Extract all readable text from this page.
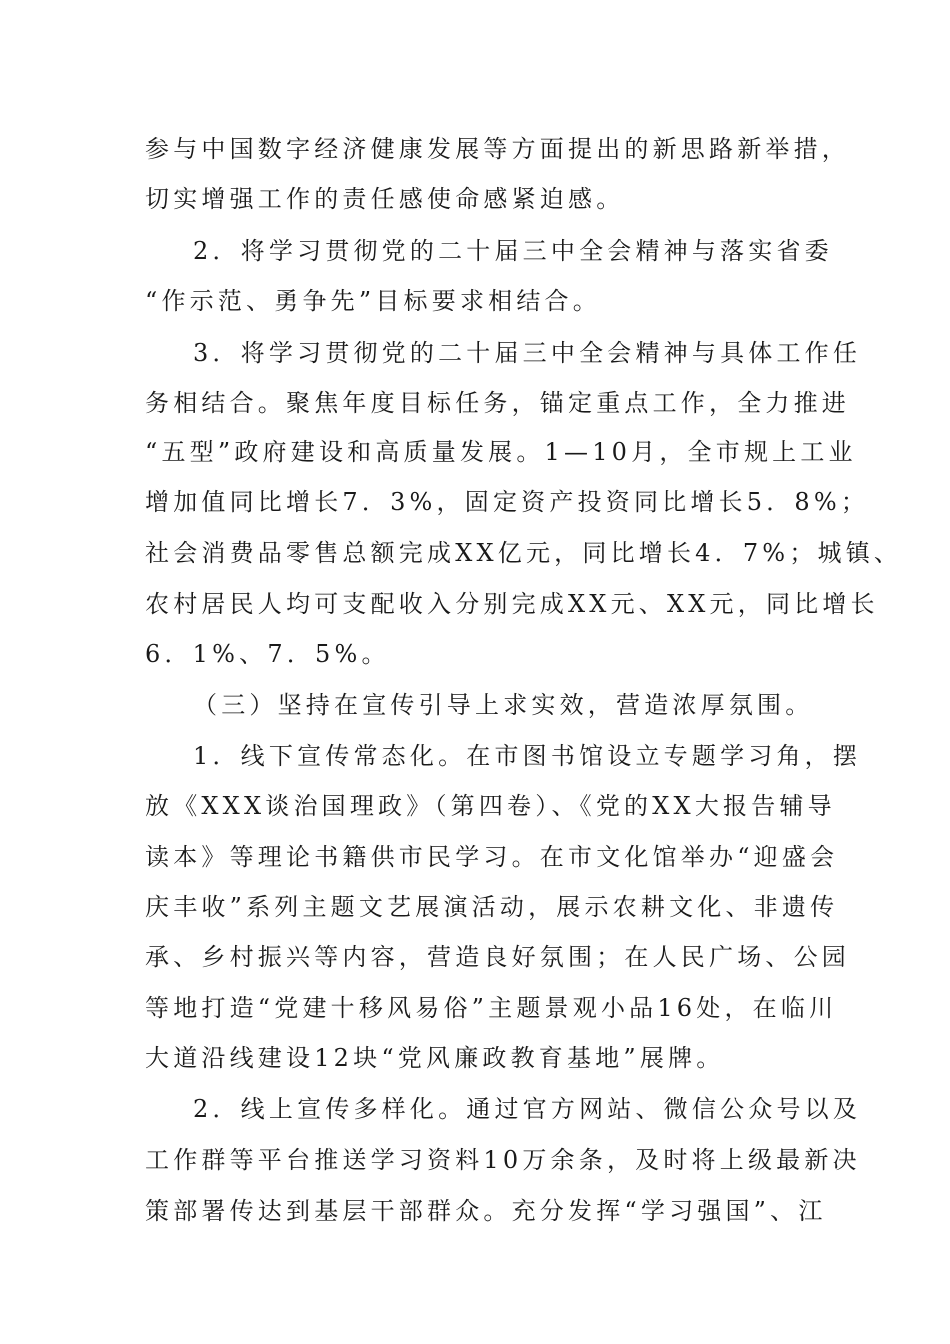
参与中国数字经济健康发展等方面提出的新思路新举措，
切实增强工作的责任感使命感紧迫感。
2．将学习贯彻党的二十届三中全会精神与落实省委
“作示范、勇争先”目标要求相结合。
3．将学习贯彻党的二十届三中全会精神与具体工作任
务相结合。聚焦年度目标任务，锚定重点工作，全力推进
“五型”政府建设和高质量发展。1—10月，全市规上工业
增加值同比增长7．3%，固定资产投资同比增长5．8%；
社会消费品零售总额完成XX亿元，同比增长4．7%；城镇、
农村居民人均可支配收入分别完成XX元、XX元，同比增长
6．1%、7．5%。
（三）坚持在宣传引导上求实效，营造浓厚氛围。
1．线下宣传常态化。在市图书馆设立专题学习角，摆
放《XXX谈治国理政》（第四卷）、《党的XX大报告辅导
读本》等理论书籍供市民学习。在市文化馆举办“迎盛会
庆丰收”系列主题文艺展演活动，展示农耕文化、非遗传
承、乡村振兴等内容，营造良好氛围；在人民广场、公园
等地打造“党建十移风易俗”主题景观小品16处，在临川
大道沿线建设12块“党风廉政教育基地”展牌。
2．线上宣传多样化。通过官方网站、微信公众号以及
工作群等平台推送学习资料10万余条，及时将上级最新决
策部署传达到基层干部群众。充分发挥“学习强国”、江
